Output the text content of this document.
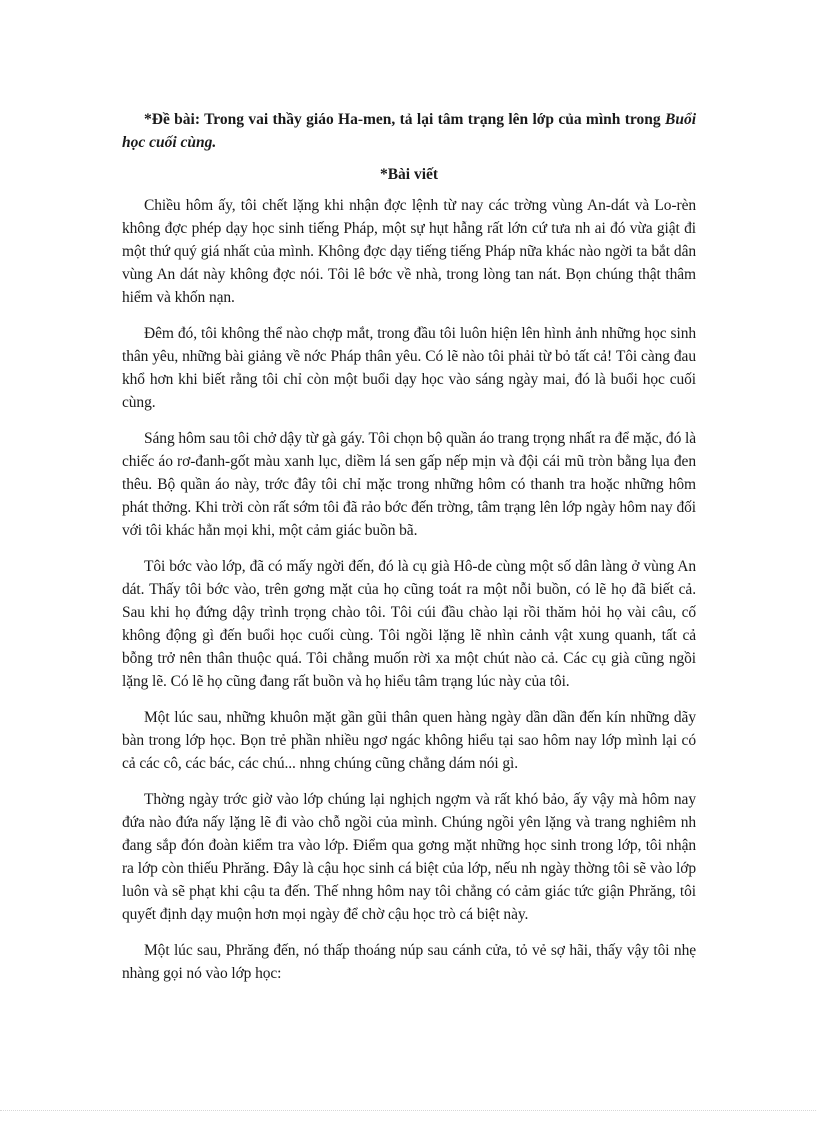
*Đề bài: Trong vai thầy giáo Ha-men, tả lại tâm trạng lên lớp của mình trong Buổi học cuối cùng.

*Bài viết

Chiều hôm ấy, tôi chết lặng khi nhận đợc lệnh từ nay các trờng vùng An-dát và Lo-rèn không đợc phép dạy học sinh tiếng Pháp, một sự hụt hẫng rất lớn cứ tưa nh ai đó vừa giật đi một thứ quý giá nhất của mình. Không đợc dạy tiếng tiếng Pháp nữa khác nào ngời ta bắt dân vùng An dát này không đợc nói. Tôi lê bớc về nhà, trong lòng tan nát. Bọn chúng thật thâm hiểm và khốn nạn.

Đêm đó, tôi không thể nào chợp mắt, trong đầu tôi luôn hiện lên hình ảnh những học sinh thân yêu, những bài giảng về nớc Pháp thân yêu. Có lẽ nào tôi phải từ bỏ tất cả! Tôi càng đau khổ hơn khi biết rằng tôi chỉ còn một buổi dạy học vào sáng ngày mai, đó là buổi học cuối cùng.

Sáng hôm sau tôi chở dậy từ gà gáy. Tôi chọn bộ quần áo trang trọng nhất ra để mặc, đó là chiếc áo rơ-đanh-gốt màu xanh lục, diềm lá sen gấp nếp mịn và đội cái mũ tròn bằng lụa đen thêu. Bộ quần áo này, trớc đây tôi chỉ mặc trong những hôm có thanh tra hoặc những hôm phát thởng. Khi trời còn rất sớm tôi đã rảo bớc đến trờng, tâm trạng lên lớp ngày hôm nay đối với tôi khác hẳn mọi khi, một cảm giác buồn bã.

Tôi bớc vào lớp, đã có mấy ngời đến, đó là cụ già Hô-de cùng một số dân làng ở vùng An dát. Thấy tôi bớc vào, trên gơng mặt của họ cũng toát ra một nỗi buồn, có lẽ họ đã biết cả. Sau khi họ đứng dậy trình trọng chào tôi. Tôi cúi đầu chào lại rồi thăm hỏi họ vài câu, cố không động gì đến buổi học cuối cùng. Tôi ngồi lặng lẽ nhìn cảnh vật xung quanh, tất cả bỗng trở nên thân thuộc quá. Tôi chẳng muốn rời xa một chút nào cả. Các cụ già cũng ngồi lặng lẽ. Có lẽ họ cũng đang rất buồn và họ hiểu tâm trạng lúc này của tôi.

Một lúc sau, những khuôn mặt gần gũi thân quen hàng ngày dần dần đến kín những dãy bàn trong lớp học. Bọn trẻ phần nhiều ngơ ngác không hiểu tại sao hôm nay lớp mình lại có cả các cô, các bác, các chú... nhng chúng cũng chẳng dám nói gì.

Thờng ngày trớc giờ vào lớp chúng lại nghịch ngợm và rất khó bảo, ấy vậy mà hôm nay đứa nào đứa nấy lặng lẽ đi vào chỗ ngồi của mình. Chúng ngồi yên lặng và trang nghiêm nh đang sắp đón đoàn kiểm tra vào lớp. Điểm qua gơng mặt những học sinh trong lớp, tôi nhận ra lớp còn thiếu Phrăng. Đây là cậu học sinh cá biệt của lớp, nếu nh ngày thờng tôi sẽ vào lớp luôn và sẽ phạt khi cậu ta đến. Thế nhng hôm nay tôi chẳng có cảm giác tức giận Phrăng, tôi quyết định dạy muộn hơn mọi ngày để chờ cậu học trò cá biệt này.

Một lúc sau, Phrăng đến, nó thấp thoáng núp sau cánh cửa, tỏ vẻ sợ hãi, thấy vậy tôi nhẹ nhàng gọi nó vào lớp học:
